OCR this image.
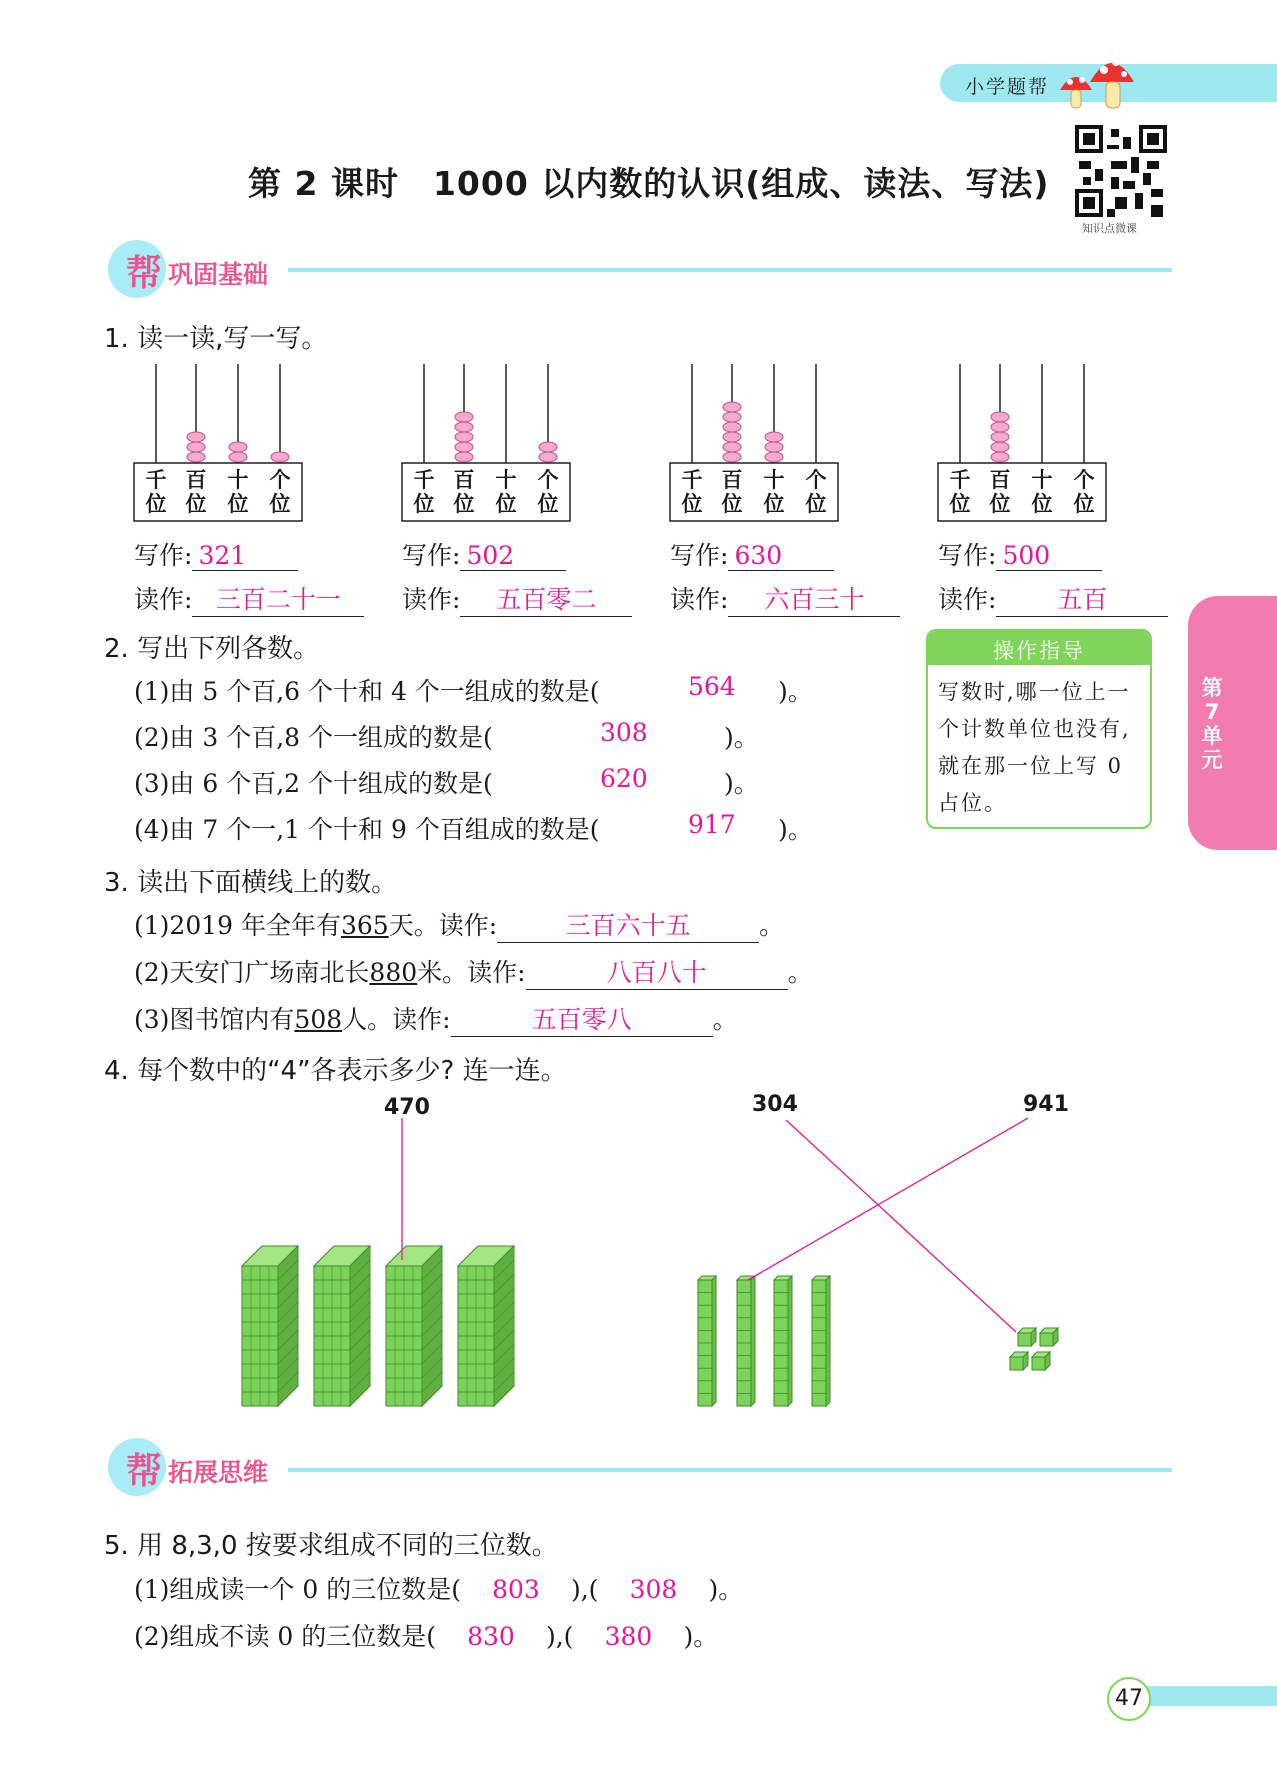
小学题帮
第 2 课时　1000 以内数的认识(组成、读法、写法)
知识点微课
帮 巩固基础
1. 读一读,写一写。
千
位
百
位
十
位
个
位
千
位
百
位
十
位
个
位
千
位
百
位
十
位
个
位
千
位
百
位
十
位
个
位
写作: 321
读作: 三百二十一
写作: 502
读作: 五百零二
写作: 630
读作: 六百三十
写作: 500
读作: 五百
2. 写出下列各数。
(1)由 5 个百,6 个十和 4 个一组成的数是(	564 )。
(2)由 3 个百,8 个一组成的数是(	308	)。
(3)由 6 个百,2 个十组成的数是(	620	)。
(4)由 7 个一,1 个十和 9 个百组成的数是(	917 )。
操作指导
写数时,哪一位上一个计数单位也没有,就在那一位上写 0 占位。
第7单元
3. 读出下面横线上的数。
(1)2019 年全年有365天。读作:	三百六十五	。
(2)天安门广场南北长880米。读作:	八百八十	。
(3)图书馆内有508人。读作:	五百零八	。
4. 每个数中的“4”各表示多少? 连一连。
470	304	941
帮 拓展思维
5. 用 8,3,0 按要求组成不同的三位数。
(1)组成读一个 0 的三位数是( 803 ),( 308 )。
(2)组成不读 0 的三位数是( 830 ),( 380 )。
47
